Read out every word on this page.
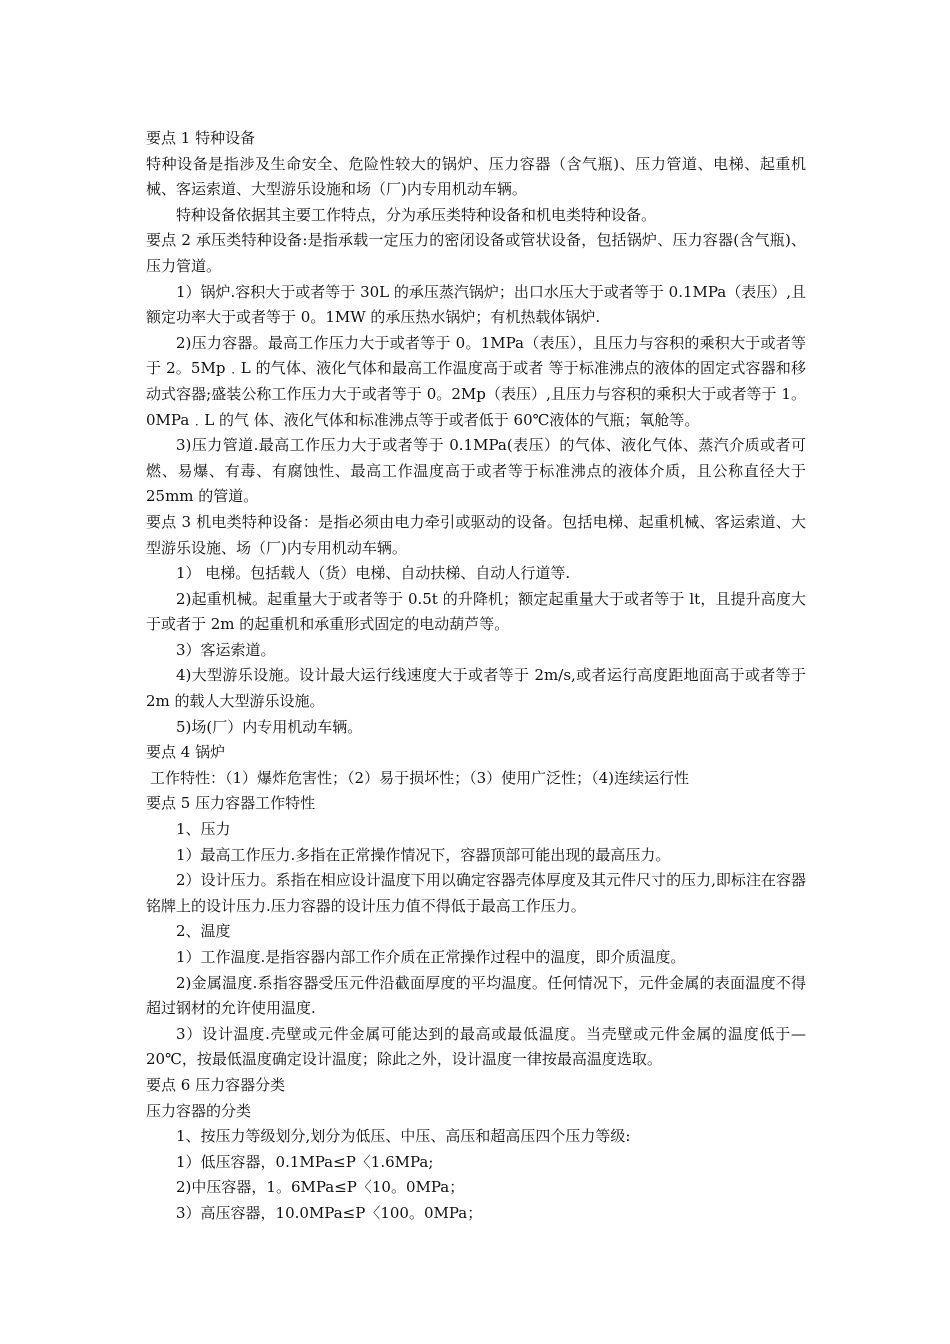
要点 1 特种设备

特种设备是指涉及生命安全、危险性较大的锅炉、压力容器（含气瓶)、压力管道、电梯、起重机械、客运索道、大型游乐设施和场（厂)内专用机动车辆。

特种设备依据其主要工作特点，分为承压类特种设备和机电类特种设备。

要点 2 承压类特种设备:是指承载一定压力的密闭设备或管状设备，包括锅炉、压力容器(含气瓶)、压力管道。

1）锅炉.容积大于或者等于 30L 的承压蒸汽锅炉；出口水压大于或者等于 0.1MPa（表压）,且额定功率大于或者等于 0。1MW 的承压热水锅炉；有机热载体锅炉.

2)压力容器。最高工作压力大于或者等于 0。1MPa（表压），且压力与容积的乘积大于或者等于 2。5Mp﹒L 的气体、液化气体和最高工作温度高于或者 等于标准沸点的液体的固定式容器和移动式容器;盛装公称工作压力大于或者等于 0。2Mp（表压）,且压力与容积的乘积大于或者等于 1。0MPa﹒L 的气 体、液化气体和标准沸点等于或者低于 60℃液体的气瓶；氧舱等。

3)压力管道.最高工作压力大于或者等于 0.1MPa(表压）的气体、液化气体、蒸汽介质或者可燃、易爆、有毒、有腐蚀性、最高工作温度高于或者等于标准沸点的液体介质，且公称直径大于 25mm 的管道。

要点 3 机电类特种设备：是指必须由电力牵引或驱动的设备。包括电梯、起重机械、客运索道、大型游乐设施、场（厂)内专用机动车辆。

1） 电梯。包括载人（货）电梯、自动扶梯、自动人行道等.

2)起重机械。起重量大于或者等于 0.5t 的升降机；额定起重量大于或者等于 lt，且提升高度大于或者于 2m 的起重机和承重形式固定的电动葫芦等。

3）客运索道。

4)大型游乐设施。设计最大运行线速度大于或者等于 2m/s,或者运行高度距地面高于或者等于 2m 的载人大型游乐设施。

5)场(厂）内专用机动车辆。

要点 4 锅炉

工作特性：（1）爆炸危害性；（2）易于损坏性；（3）使用广泛性；（4)连续运行性

要点 5 压力容器工作特性

1、压力

1）最高工作压力.多指在正常操作情况下，容器顶部可能出现的最高压力。

2）设计压力。系指在相应设计温度下用以确定容器壳体厚度及其元件尺寸的压力,即标注在容器铭牌上的设计压力.压力容器的设计压力值不得低于最高工作压力。

2、温度

1）工作温度.是指容器内部工作介质在正常操作过程中的温度，即介质温度。

2)金属温度.系指容器受压元件沿截面厚度的平均温度。任何情况下，元件金属的表面温度不得超过钢材的允许使用温度.

3）设计温度.壳壁或元件金属可能达到的最高或最低温度。当壳壁或元件金属的温度低于—20℃，按最低温度确定设计温度；除此之外，设计温度一律按最高温度选取。

要点 6 压力容器分类

压力容器的分类

1、按压力等级划分,划分为低压、中压、高压和超高压四个压力等级:

1）低压容器，0.1MPa≤P〈1.6MPa;

2)中压容器，1。6MPa≤P〈10。0MPa；

3）高压容器，10.0MPa≤P〈100。0MPa；
